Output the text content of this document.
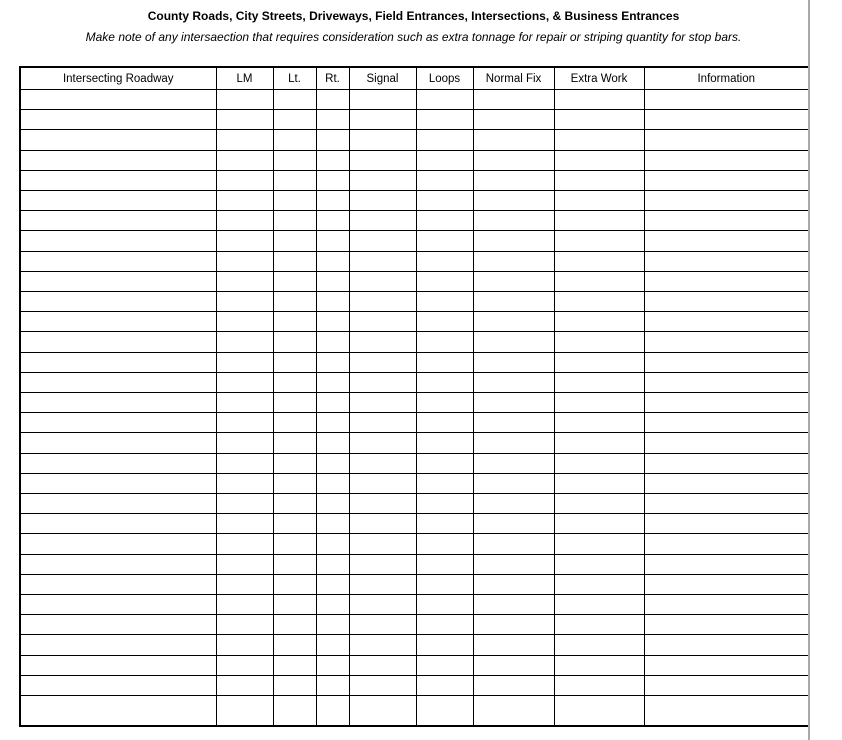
County Roads, City Streets, Driveways, Field Entrances, Intersections, & Business Entrances
Make note of any intersaection that requires consideration such as extra tonnage for repair or striping quantity for stop bars.
Intersecting Roadway	LM	Lt.	Rt.	Signal	Loops	Normal Fix	Extra Work	Information
